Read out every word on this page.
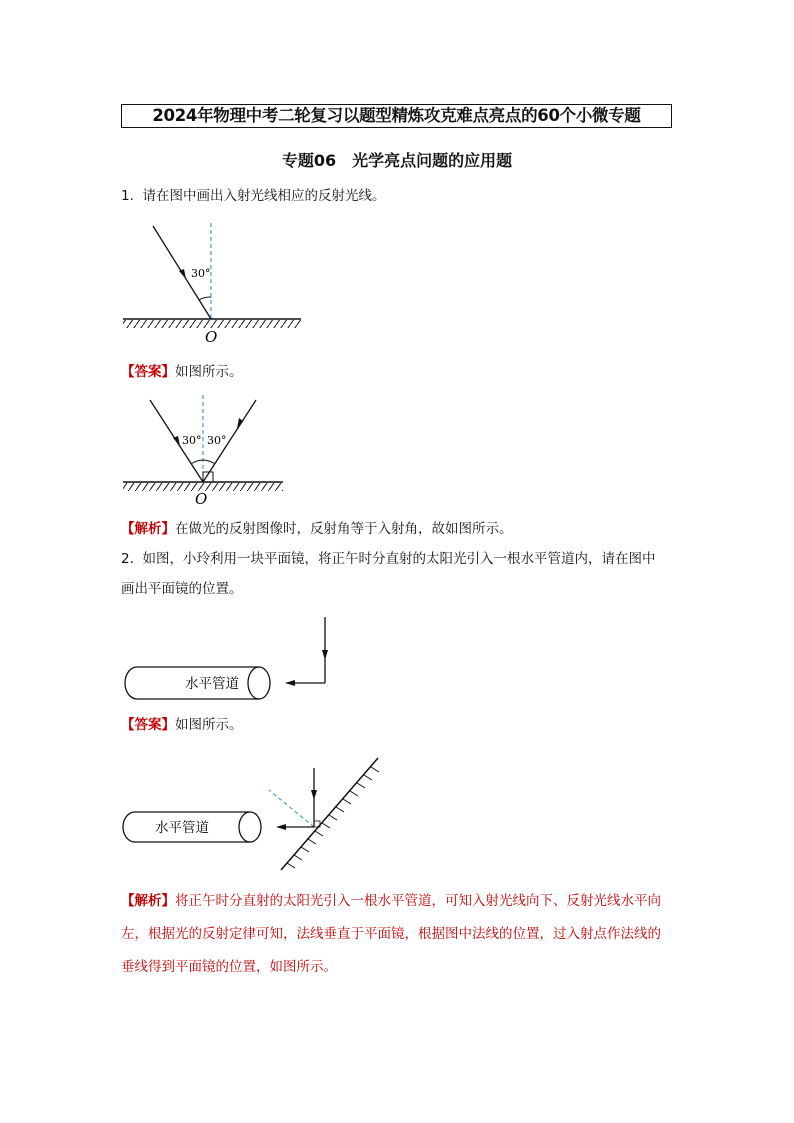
2024年物理中考二轮复习以题型精炼攻克难点亮点的60个小微专题
专题06　光学亮点问题的应用题
1. 请在图中画出入射光线相应的反射光线。
30°
O
【答案】如图所示。
30° 30°
O
【解析】在做光的反射图像时，反射角等于入射角，故如图所示。
2. 如图，小玲利用一块平面镜，将正午时分直射的太阳光引入一根水平管道内，请在图中
画出平面镜的位置。
水平管道
【答案】如图所示。
水平管道
【解析】将正午时分直射的太阳光引入一根水平管道，可知入射光线向下、反射光线水平向
左，根据光的反射定律可知，法线垂直于平面镜，根据图中法线的位置，过入射点作法线的
垂线得到平面镜的位置，如图所示。
